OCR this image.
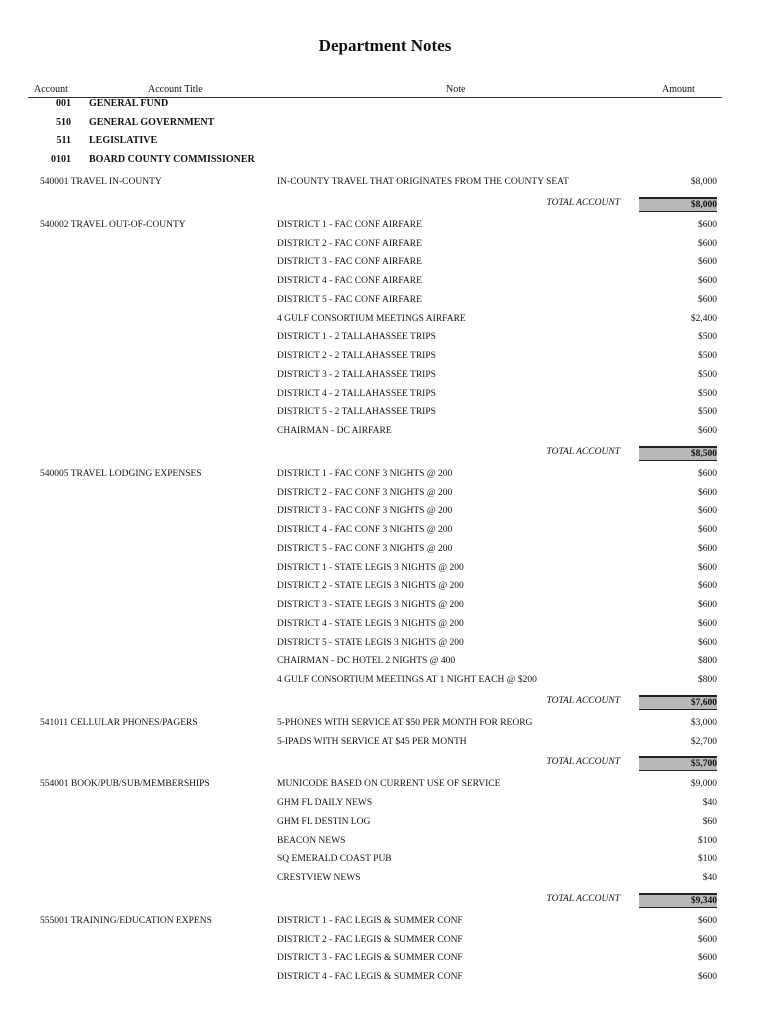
Department Notes
Account	Account Title	Note	Amount
001 GENERAL FUND
510 GENERAL GOVERNMENT
511 LEGISLATIVE
0101 BOARD COUNTY COMMISSIONER
540001 TRAVEL IN-COUNTY	IN-COUNTY TRAVEL THAT ORIGINATES FROM THE COUNTY SEAT	$8,000
TOTAL ACCOUNT	$8,000
540002 TRAVEL OUT-OF-COUNTY	DISTRICT 1 - FAC CONF AIRFARE	$600
DISTRICT 2 - FAC CONF AIRFARE	$600
DISTRICT 3 - FAC CONF AIRFARE	$600
DISTRICT 4 - FAC CONF AIRFARE	$600
DISTRICT 5 - FAC CONF AIRFARE	$600
4 GULF CONSORTIUM MEETINGS AIRFARE	$2,400
DISTRICT 1 - 2 TALLAHASSEE TRIPS	$500
DISTRICT 2 - 2 TALLAHASSEE TRIPS	$500
DISTRICT 3 - 2 TALLAHASSEE TRIPS	$500
DISTRICT 4 - 2 TALLAHASSEE TRIPS	$500
DISTRICT 5 - 2 TALLAHASSEE TRIPS	$500
CHAIRMAN - DC AIRFARE	$600
TOTAL ACCOUNT	$8,500
540005 TRAVEL LODGING EXPENSES	DISTRICT 1 - FAC CONF 3 NIGHTS @ 200	$600
DISTRICT 2 - FAC CONF 3 NIGHTS @ 200	$600
DISTRICT 3 - FAC CONF 3 NIGHTS @ 200	$600
DISTRICT 4 - FAC CONF 3 NIGHTS @ 200	$600
DISTRICT 5 - FAC CONF 3 NIGHTS @ 200	$600
DISTRICT 1 - STATE LEGIS 3 NIGHTS @ 200	$600
DISTRICT 2 - STATE LEGIS 3 NIGHTS @ 200	$600
DISTRICT 3 - STATE LEGIS 3 NIGHTS @ 200	$600
DISTRICT 4 - STATE LEGIS 3 NIGHTS @ 200	$600
DISTRICT 5 - STATE LEGIS 3 NIGHTS @ 200	$600
CHAIRMAN - DC HOTEL 2 NIGHTS @ 400	$800
4 GULF CONSORTIUM MEETINGS AT 1 NIGHT EACH @ $200	$800
TOTAL ACCOUNT	$7,600
541011 CELLULAR PHONES/PAGERS	5-PHONES WITH SERVICE AT $50 PER MONTH FOR REORG	$3,000
5-IPADS WITH SERVICE AT $45 PER MONTH	$2,700
TOTAL ACCOUNT	$5,700
554001 BOOK/PUB/SUB/MEMBERSHIPS	MUNICODE BASED ON CURRENT USE OF SERVICE	$9,000
GHM FL DAILY NEWS	$40
GHM FL DESTIN LOG	$60
BEACON NEWS	$100
SQ EMERALD COAST PUB	$100
CRESTVIEW NEWS	$40
TOTAL ACCOUNT	$9,340
555001 TRAINING/EDUCATION EXPENS	DISTRICT 1 - FAC LEGIS & SUMMER CONF	$600
DISTRICT 2 - FAC LEGIS & SUMMER CONF	$600
DISTRICT 3 - FAC LEGIS & SUMMER CONF	$600
DISTRICT 4 - FAC LEGIS & SUMMER CONF	$600
